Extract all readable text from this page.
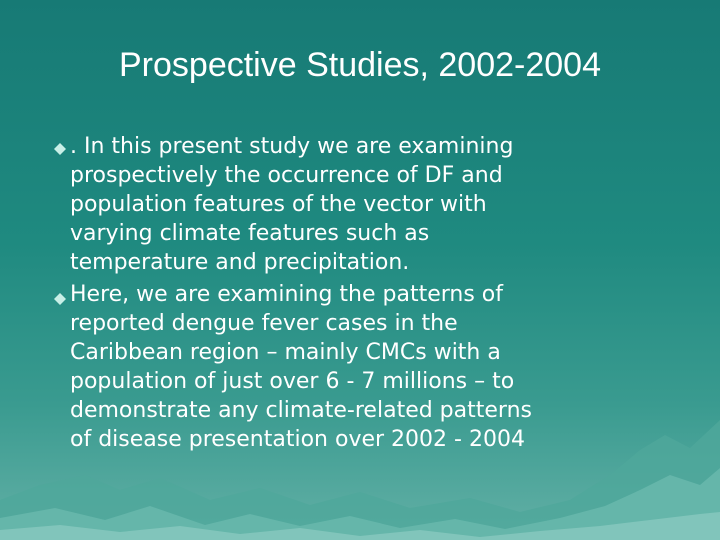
Prospective Studies, 2002-2004
. In this present study we are examining
prospectively the occurrence of DF and
population features of the vector with
varying climate features such as
temperature and precipitation.
Here, we are examining the patterns of
reported dengue fever cases in the
Caribbean region – mainly CMCs with a
population of just over 6 - 7 millions – to
demonstrate any climate-related patterns
of disease presentation over 2002 - 2004
